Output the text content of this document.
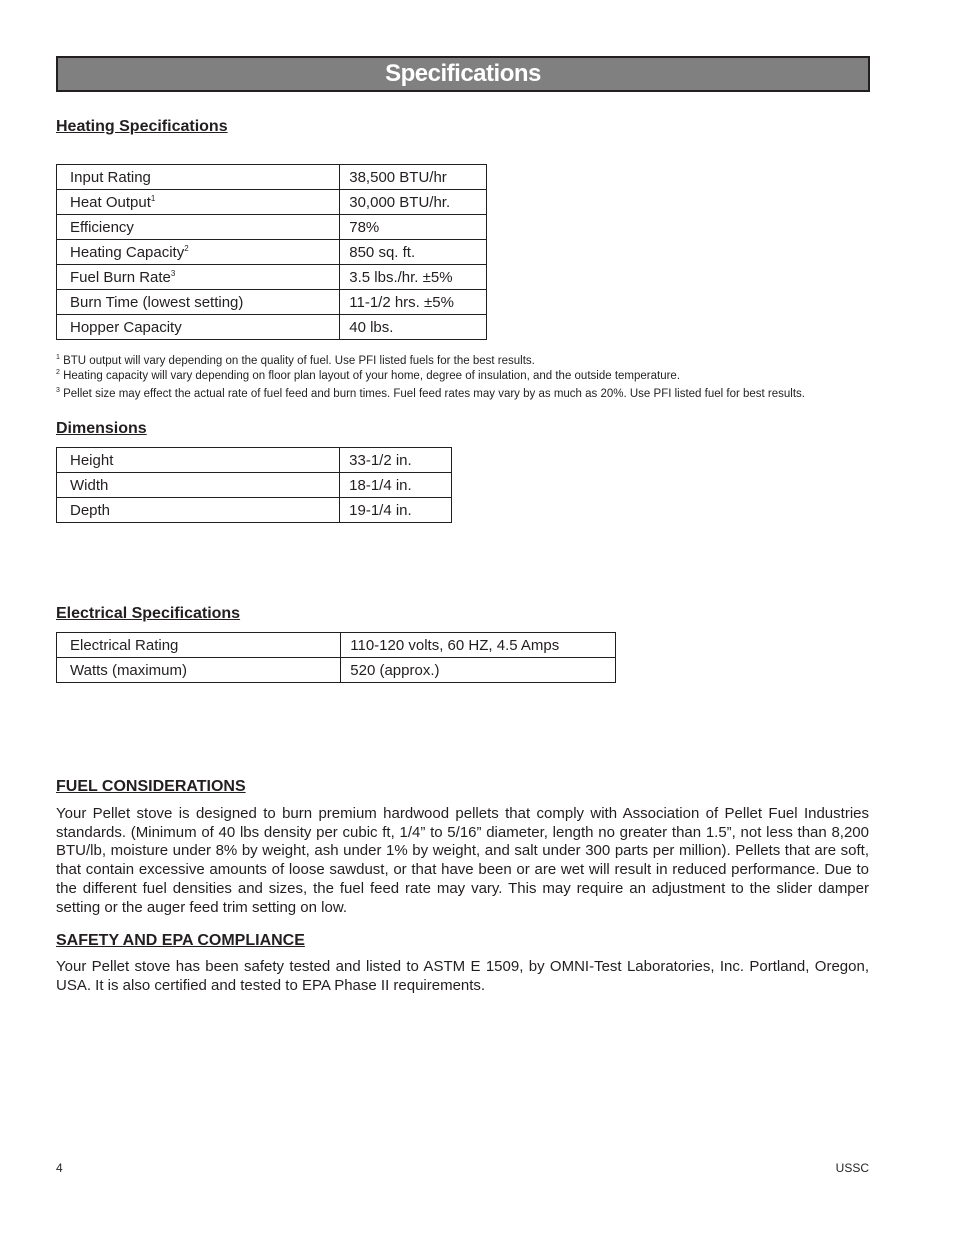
Specifications
Heating Specifications
Input Rating	38,500 BTU/hr
Heat Output$^1$	30,000 BTU/hr.
Efficiency	78%
Heating Capacity$^2$	850 sq. ft.
Fuel Burn Rate$^3$	3.5 lbs./hr. ±5%
Burn Time (lowest setting)	11-1/2 hrs. ±5%
Hopper Capacity	40 lbs.

$^1$ BTU output will vary depending on the quality of fuel. Use PFI listed fuels for the best results.

$^2$ Heating capacity will vary depending on floor plan layout of your home, degree of insulation, and the outside temperature.

$^3$ Pellet size may effect the actual rate of fuel feed and burn times. Fuel feed rates may vary by as much as 20%. Use PFI listed fuel for best results.

Dimensions
Height	33-1/2 in.
Width	18-1/4 in.
Depth	19-1/4 in.
Electrical Specifications
Electrical Rating	110-120 volts, 60 HZ, 4.5 Amps
Watts (maximum)	520 (approx.)
FUEL CONSIDERATIONS

Your Pellet stove is designed to burn premium hardwood pellets that comply with Association of Pellet Fuel Industries standards. (Minimum of 40 lbs density per cubic ft, 1/4” to 5/16” diameter, length no greater than 1.5”, not less than 8,200 BTU/lb, moisture under 8% by weight, ash under 1% by weight, and salt under 300 parts per million). Pellets that are soft, that contain excessive amounts of loose sawdust, or that have been or are wet will result in reduced performance. Due to the different fuel densities and sizes, the fuel feed rate may vary. This may require an adjustment to the slider damper setting or the auger feed trim setting on low.

SAFETY AND EPA COMPLIANCE

Your Pellet stove has been safety tested and listed to ASTM E 1509, by OMNI-Test Laboratories, Inc. Portland, Oregon, USA. It is also certified and tested to EPA Phase II requirements.

4	USSC
